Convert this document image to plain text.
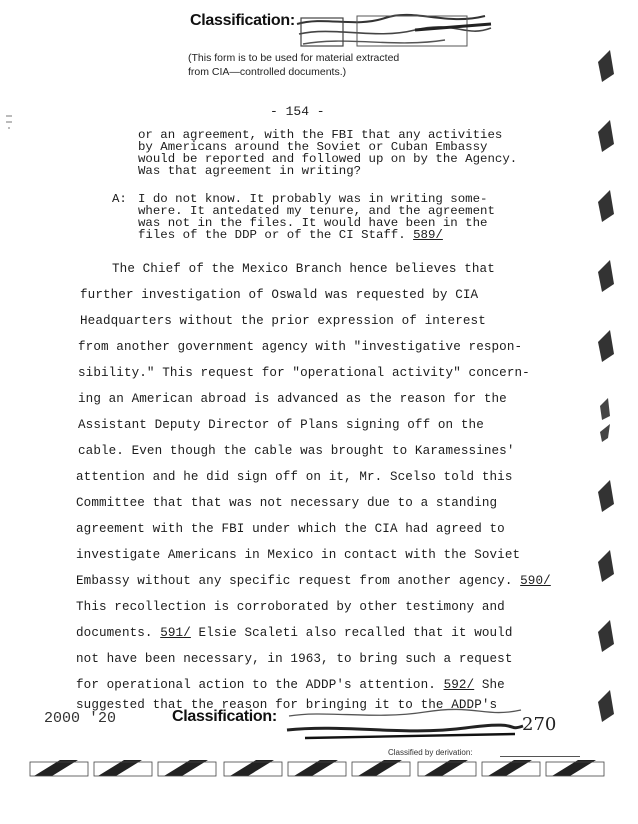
Classification:
(This form is to be used for material extracted
from CIA—controlled documents.)
- 154 -
or an agreement, with the FBI that any activities
by Americans around the Soviet or Cuban Embassy
would be reported and followed up on by the Agency.
Was that agreement in writing?
A: I do not know. It probably was in writing some-
where. It antedated my tenure, and the agreement
was not in the files. It would have been in the
files of the DDP or of the CI Staff. 589/
The Chief of the Mexico Branch hence believes that
further investigation of Oswald was requested by CIA
Headquarters without the prior expression of interest
from another government agency with "investigative respon-
sibility." This request for "operational activity" concern-
ing an American abroad is advanced as the reason for the
Assistant Deputy Director of Plans signing off on the
cable. Even though the cable was brought to Karamessines'
attention and he did sign off on it, Mr. Scelso told this
Committee that that was not necessary due to a standing
agreement with the FBI under which the CIA had agreed to
investigate Americans in Mexico in contact with the Soviet
Embassy without any specific request from another agency. 590/
This recollection is corroborated by other testimony and
documents. 591/ Elsie Scaleti also recalled that it would
not have been necessary, in 1963, to bring such a request
for operational action to the ADDP's attention. 592/ She
suggested that the reason for bringing it to the ADDP's
2000 '20	Classification:	270
Classified by derivation:
